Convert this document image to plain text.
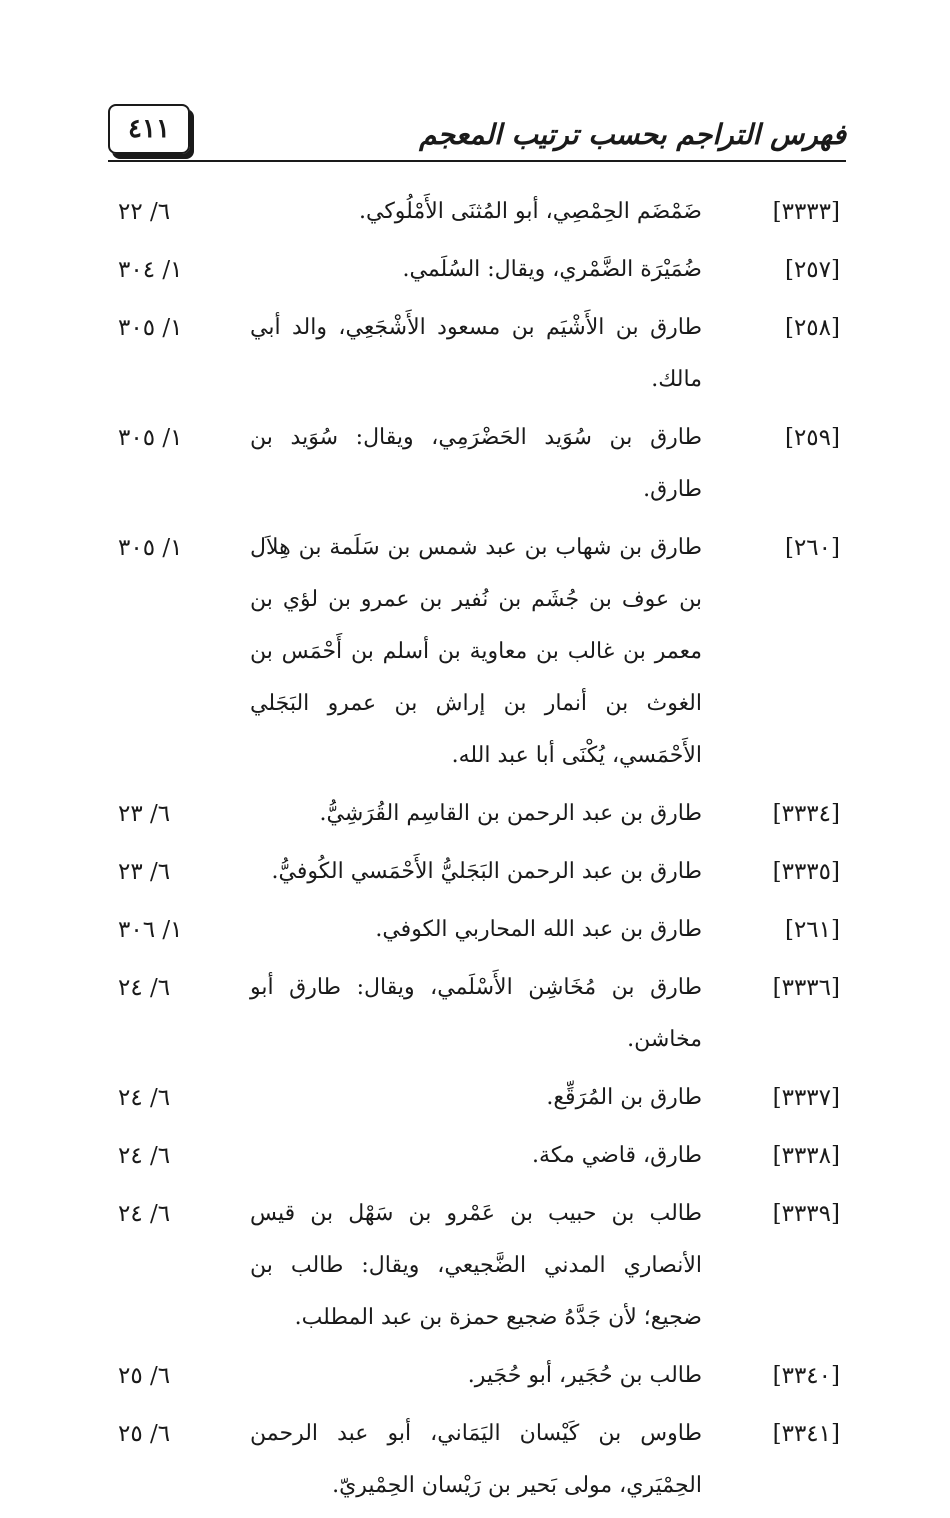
٤١١	فهرس التراجم بحسب ترتيب المعجم
[٣٣٣٣]
ضَمْضَم الحِمْصِي، أبو المُثنَى الأَمْلُوكي.
٦/ ٢٢
[٢٥٧]
ضُمَيْرَة الضَّمْري، ويقال: السُلَمي.
١/ ٣٠٤
[٢٥٨]
طارق بن الأَشْيَم بن مسعود الأَشْجَعِي، والد أبي مالك.
١/ ٣٠٥
[٢٥٩]
طارق بن سُوَيد الحَضْرَمِي، ويقال: سُوَيد بن طارق.
١/ ٣٠٥
[٢٦٠]
طارق بن شهاب بن عبد شمس بن سَلَمة بن هِلاَل بن عوف بن جُشَم بن نُفير بن عمرو بن لؤي بن معمر بن غالب بن معاوية بن أسلم بن أَحْمَس بن الغوث بن أنمار بن إراش بن عمرو البَجَلي الأَحْمَسي، يُكْنَى أبا عبد الله.
١/ ٣٠٥
[٣٣٣٤]
طارق بن عبد الرحمن بن القاسِم القُرَشِيُّ.
٦/ ٢٣
[٣٣٣٥]
طارق بن عبد الرحمن البَجَليُّ الأَحْمَسي الكُوفيُّ.
٦/ ٢٣
[٢٦١]
طارق بن عبد الله المحاربي الكوفي.
١/ ٣٠٦
[٣٣٣٦]
طارق بن مُخَاشِن الأَسْلَمي، ويقال: طارق أبو مخاشن.
٦/ ٢٤
[٣٣٣٧]
طارق بن المُرَقِّع.
٦/ ٢٤
[٣٣٣٨]
طارق، قاضي مكة.
٦/ ٢٤
[٣٣٣٩]
طالب بن حبيب بن عَمْرو بن سَهْل بن قيس الأنصاري المدني الضَّجيعي، ويقال: طالب بن ضجيع؛ لأن جَدَّهُ ضجيع حمزة بن عبد المطلب.
٦/ ٢٤
[٣٣٤٠]
طالب بن حُجَير، أبو حُجَير.
٦/ ٢٥
[٣٣٤١]
طاوس بن كَيْسان اليَمَاني، أبو عبد الرحمن الحِمْيَري، مولى بَحير بن رَيْسان الحِمْيريّ.
٦/ ٢٥
